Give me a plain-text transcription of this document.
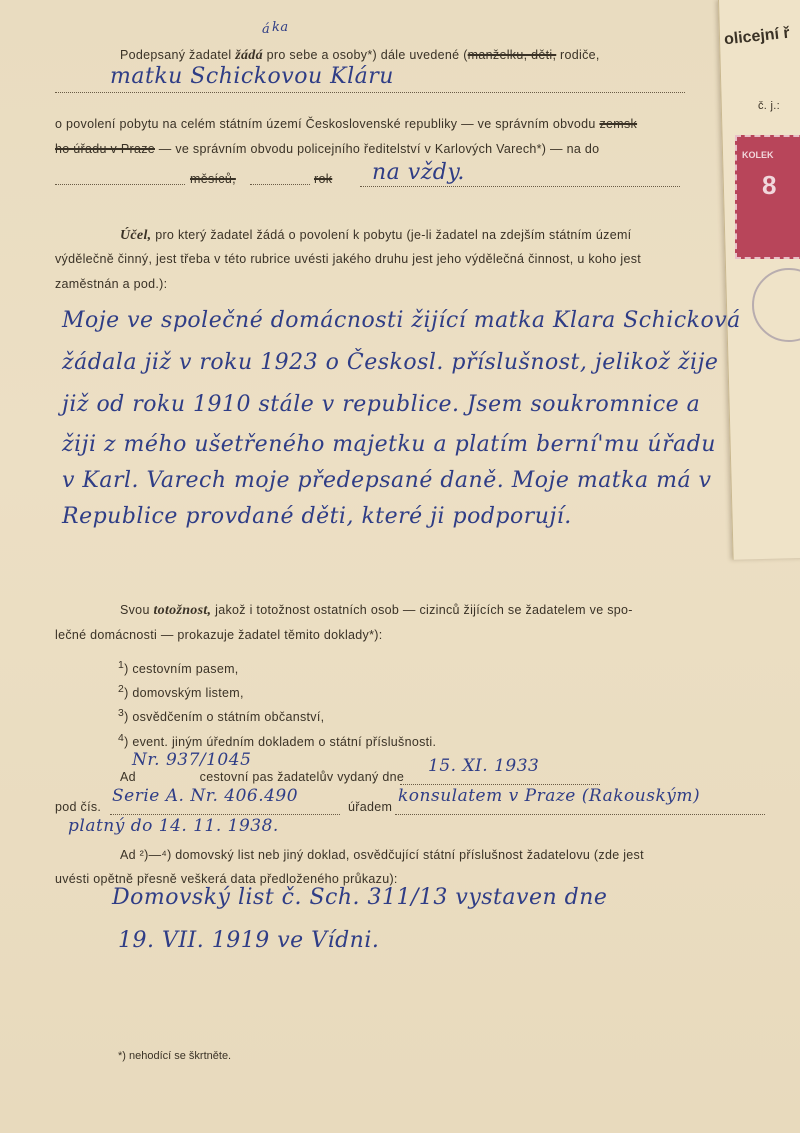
olicejní ř
č. j.:
KOLEK
8
á ka
Podepsaný žadatel žádá pro sebe a osoby*) dále uvedené (manželku, děti, rodiče,
matku Schickovou Kláru
o povolení pobytu na celém státním území Československé republiky — ve správním obvodu zemsk
ho úřadu v Praze — ve správním obvodu policejního ředitelství v Karlových Varech*) — na do
měsíců,	rok na vždy.
Účel, pro který žadatel žádá o povolení k pobytu (je-li žadatel na zdejším státním území
výdělečně činný, jest třeba v této rubrice uvésti jakého druhu jest jeho výdělečná činnost, u koho jest
zaměstnán a pod.):
Moje ve společné domácnosti žijící matka Klara Schicková
žádala již v roku 1923 o Českosl. příslušnost, jelikož žije
již od roku 1910 stále v republice. Jsem soukromnice a
žiji z mého ušetřeného majetku a platím berní'mu úřadu
v Karl. Varech moje předepsané daně. Moje matka má v
Republice provdané děti, které ji podporují.
Svou totožnost, jakož i totožnost ostatních osob — cizinců žijících se žadatelem ve spo-
lečné domácnosti — prokazuje žadatel těmito doklady*):
$^1$) cestovním pasem,
$^2$) domovským listem,
$^3$) osvědčením o státním občanství,
$^4$) event. jiným úředním dokladem o státní příslušnosti.
Nr. 937/1045
Ad	cestovní pas žadatelův vydaný dne
15. XI. 1933
pod čís.
Serie A. Nr. 406.490
úřadem
konsulatem v Praze (Rakouským)
platný do 14. 11. 1938.
Ad ²)—⁴) domovský list neb jiný doklad, osvědčující státní příslušnost žadatelovu (zde jest
uvésti opětně přesně veškerá data předloženého průkazu):
Domovský list č. Sch. 311/13 vystaven dne
19. VII. 1919 ve Vídni.
*) nehodící se škrtněte.
